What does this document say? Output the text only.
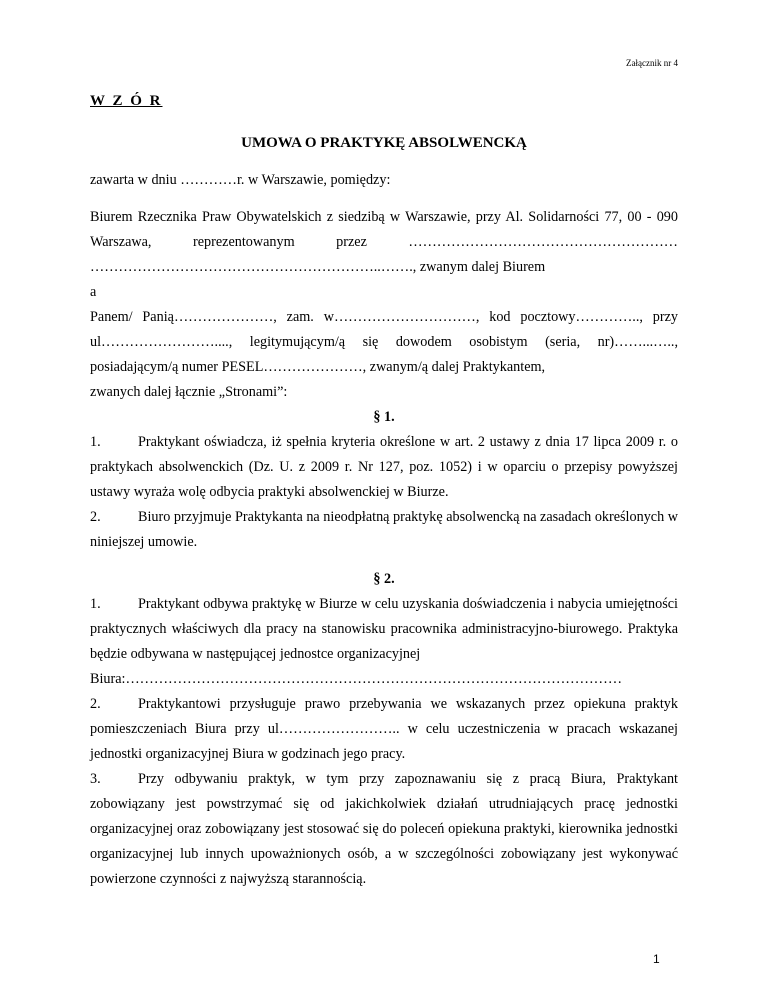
Załącznik nr 4
W Z Ó R
UMOWA O PRAKTYKĘ ABSOLWENCKĄ

zawarta w dniu …………r. w Warszawie, pomiędzy:

Biurem Rzecznika Praw Obywatelskich z siedzibą w Warszawie, przy Al. Solidarności 77, 00 - 090 Warszawa, reprezentowanym przez …………………………………………………

……………………………………………………..……., zwanym dalej Biurem

a

Panem/ Panią…………………, zam. w…………………………, kod pocztowy………….., przy ul……………………...., legitymującym/ą się dowodem osobistym (seria, nr)……...….., posiadającym/ą numer PESEL…………………, zwanym/ą dalej Praktykantem,

zwanych dalej łącznie „Stronami”:

§ 1.

1.	Praktykant oświadcza, iż spełnia kryteria określone w art. 2 ustawy z dnia 17 lipca 2009 r. o praktykach absolwenckich (Dz. U. z 2009 r. Nr 127, poz. 1052) i w oparciu o przepisy powyższej ustawy wyraża wolę odbycia praktyki absolwenckiej w Biurze.

2.	Biuro przyjmuje Praktykanta na nieodpłatną praktykę absolwencką na zasadach określonych w niniejszej umowie.

§ 2.

1.	Praktykant odbywa praktykę w Biurze w celu uzyskania doświadczenia i nabycia umiejętności praktycznych właściwych dla pracy na stanowisku pracownika administracyjno-biurowego. Praktyka będzie odbywana w następującej jednostce organizacyjnej

Biura:……………………………………………………………………………………………

2.	Praktykantowi przysługuje prawo przebywania we wskazanych przez opiekuna praktyk pomieszczeniach Biura przy ul…………………….. w celu uczestniczenia w pracach wskazanej jednostki organizacyjnej Biura w godzinach jego pracy.

3.	Przy odbywaniu praktyk, w tym przy zapoznawaniu się z pracą Biura, Praktykant zobowiązany jest powstrzymać się od jakichkolwiek działań utrudniających pracę jednostki organizacyjnej oraz zobowiązany jest stosować się do poleceń opiekuna praktyki, kierownika jednostki organizacyjnej lub innych upoważnionych osób, a w szczególności zobowiązany jest wykonywać powierzone czynności z najwyższą starannością.

1
